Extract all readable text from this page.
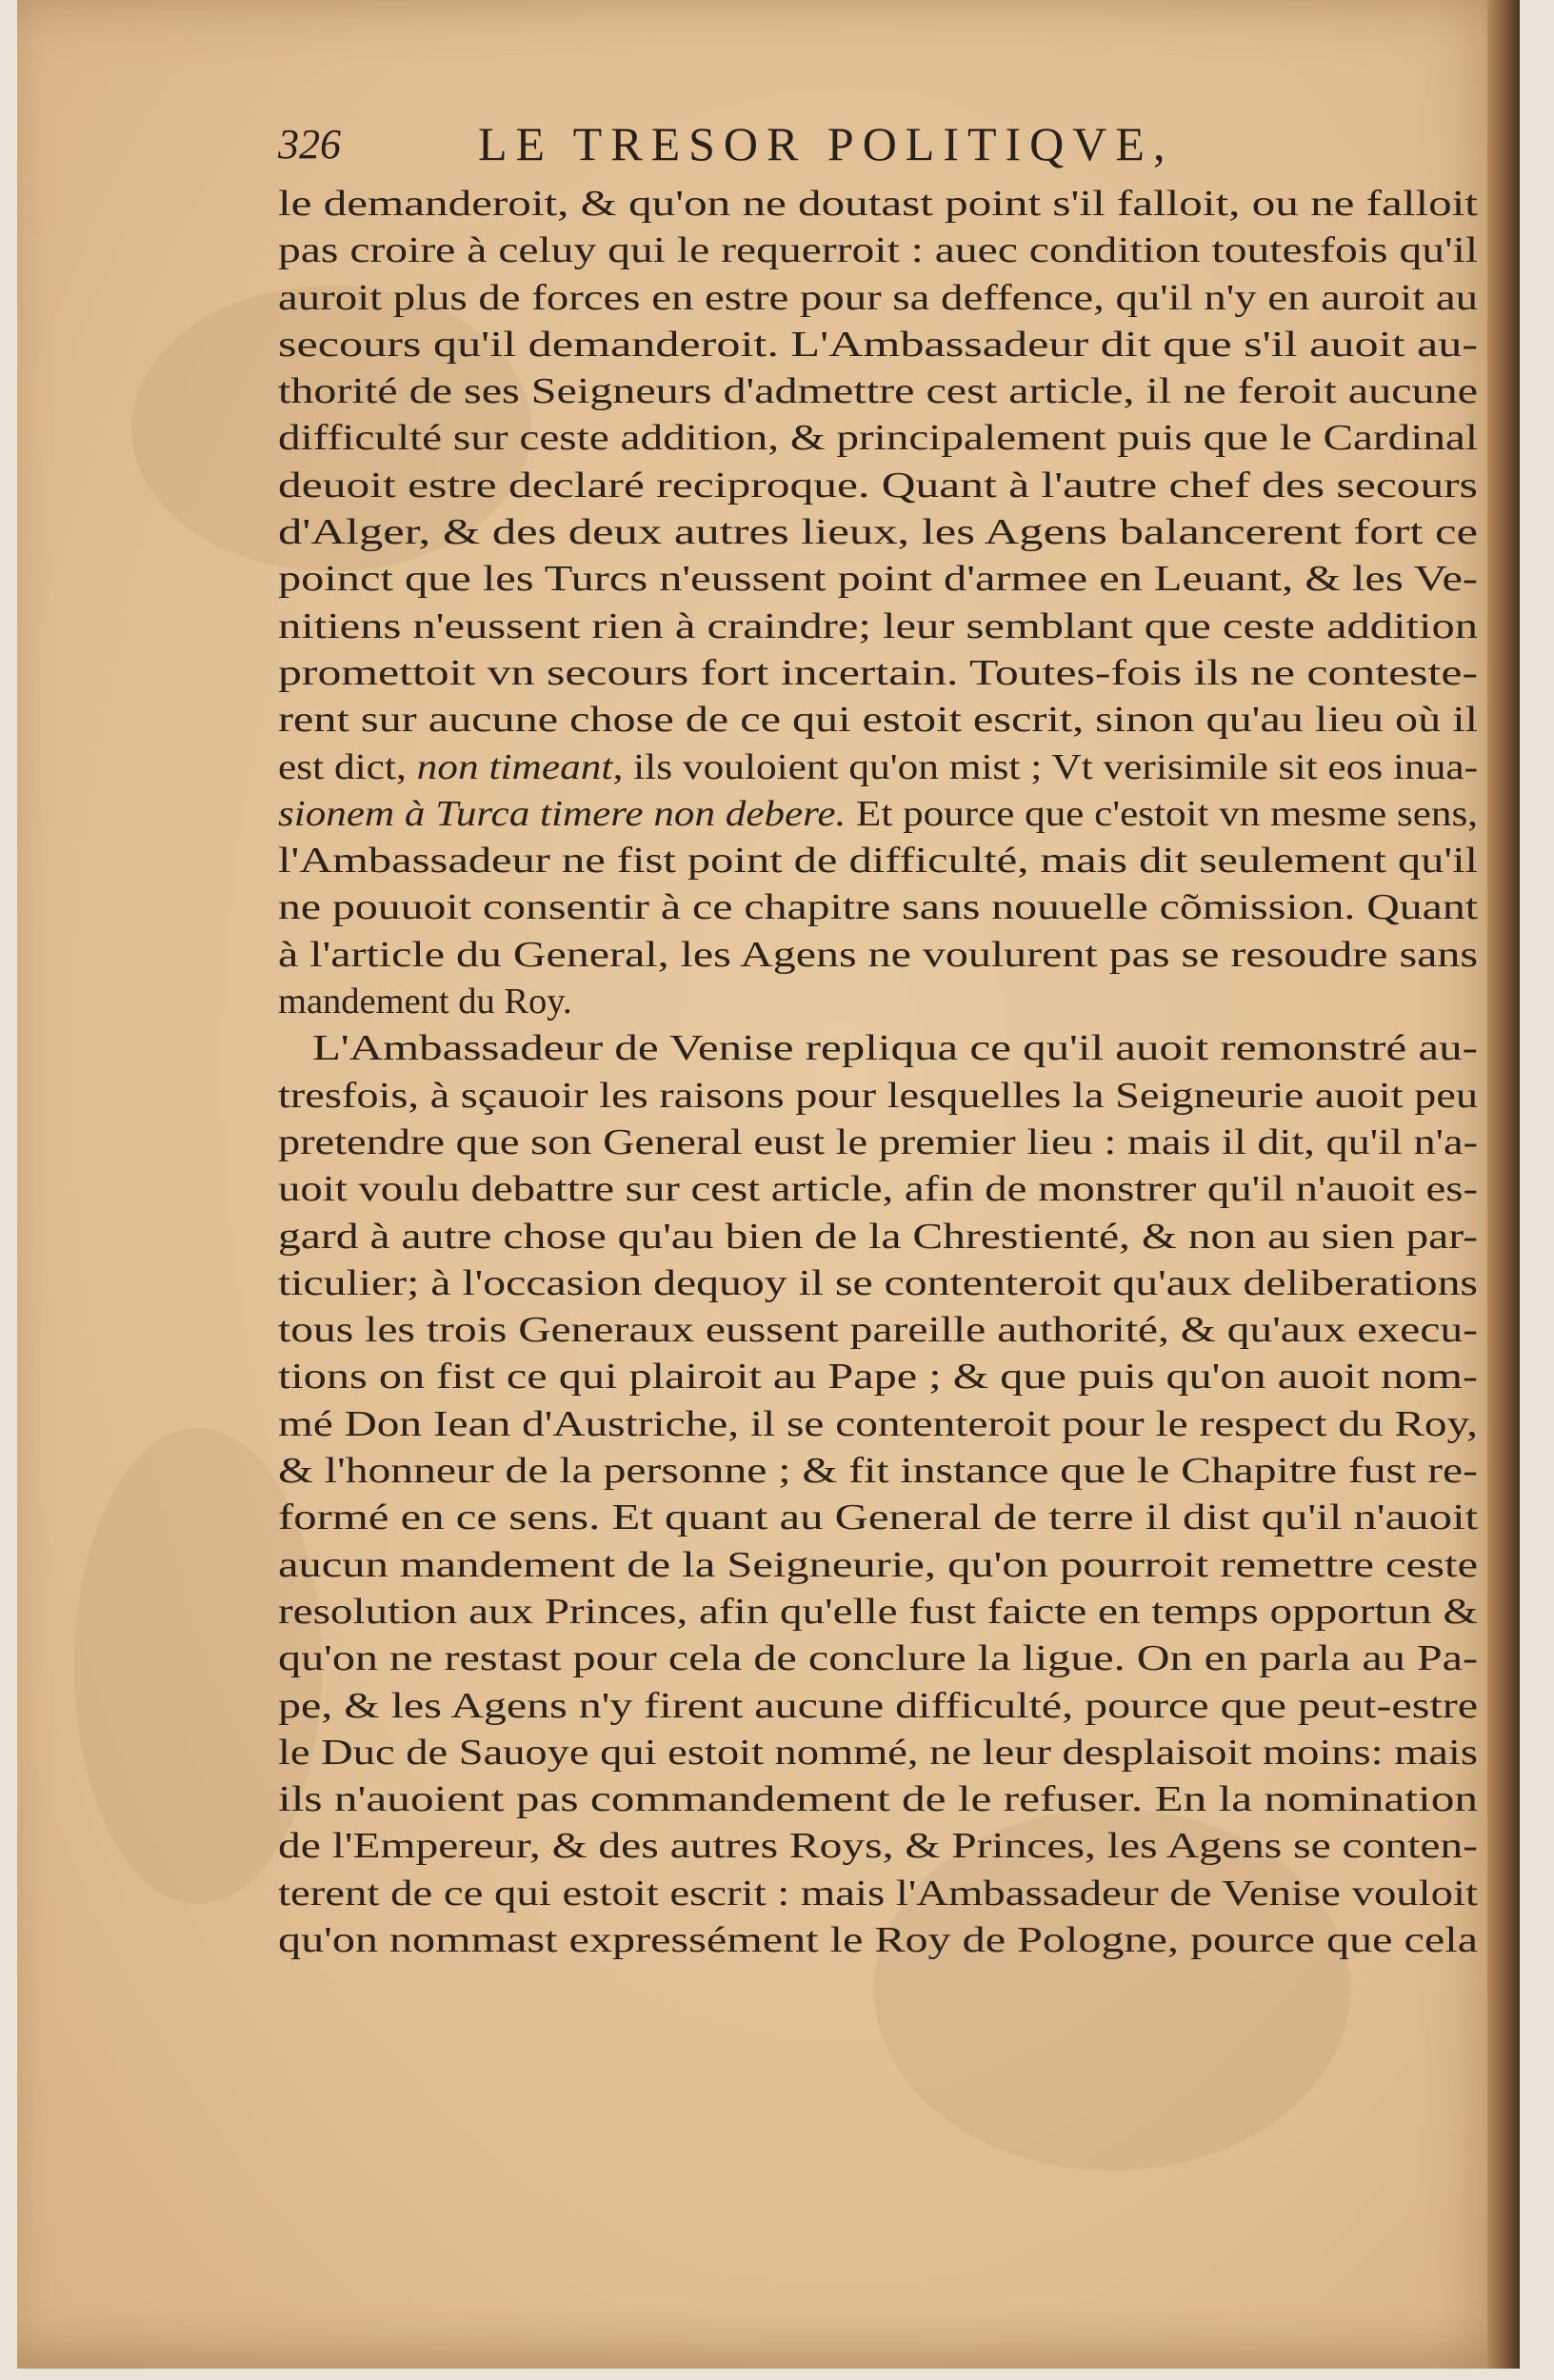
326	LE TRESOR POLITIQVE,
le demanderoit, & qu'on ne doutast point s'il falloit, ou ne falloit
pas croire à celuy qui le requerroit : auec condition toutesfois qu'il
auroit plus de forces en estre pour sa deffence, qu'il n'y en auroit au
secours qu'il demanderoit. L'Ambassadeur dit que s'il auoit au-
thorité de ses Seigneurs d'admettre cest article, il ne feroit aucune
difficulté sur ceste addition, & principalement puis que le Cardinal
deuoit estre declaré reciproque. Quant à l'autre chef des secours
d'Alger, & des deux autres lieux, les Agens balancerent fort ce
poinct que les Turcs n'eussent point d'armee en Leuant, & les Ve-
nitiens n'eussent rien à craindre; leur semblant que ceste addition
promettoit vn secours fort incertain. Toutes-fois ils ne conteste-
rent sur aucune chose de ce qui estoit escrit, sinon qu'au lieu où il
est dict, non timeant, ils vouloient qu'on mist ; Vt verisimile sit eos inua-
sionem à Turca timere non debere. Et pource que c'estoit vn mesme sens,
l'Ambassadeur ne fist point de difficulté, mais dit seulement qu'il
ne pouuoit consentir à ce chapitre sans nouuelle cõmission. Quant
à l'article du General, les Agens ne voulurent pas se resoudre sans
mandement du Roy.
L'Ambassadeur de Venise repliqua ce qu'il auoit remonstré au-
tresfois, à sçauoir les raisons pour lesquelles la Seigneurie auoit peu
pretendre que son General eust le premier lieu : mais il dit, qu'il n'a-
uoit voulu debattre sur cest article, afin de monstrer qu'il n'auoit es-
gard à autre chose qu'au bien de la Chrestienté, & non au sien par-
ticulier; à l'occasion dequoy il se contenteroit qu'aux deliberations
tous les trois Generaux eussent pareille authorité, & qu'aux execu-
tions on fist ce qui plairoit au Pape ; & que puis qu'on auoit nom-
mé Don Iean d'Austriche, il se contenteroit pour le respect du Roy,
& l'honneur de la personne ; & fit instance que le Chapitre fust re-
formé en ce sens. Et quant au General de terre il dist qu'il n'auoit
aucun mandement de la Seigneurie, qu'on pourroit remettre ceste
resolution aux Princes, afin qu'elle fust faicte en temps opportun &
qu'on ne restast pour cela de conclure la ligue. On en parla au Pa-
pe, & les Agens n'y firent aucune difficulté, pource que peut-estre
le Duc de Sauoye qui estoit nommé, ne leur desplaisoit moins: mais
ils n'auoient pas commandement de le refuser. En la nomination
de l'Empereur, & des autres Roys, & Princes, les Agens se conten-
terent de ce qui estoit escrit : mais l'Ambassadeur de Venise vouloit
qu'on nommast expressément le Roy de Pologne, pource que cela
